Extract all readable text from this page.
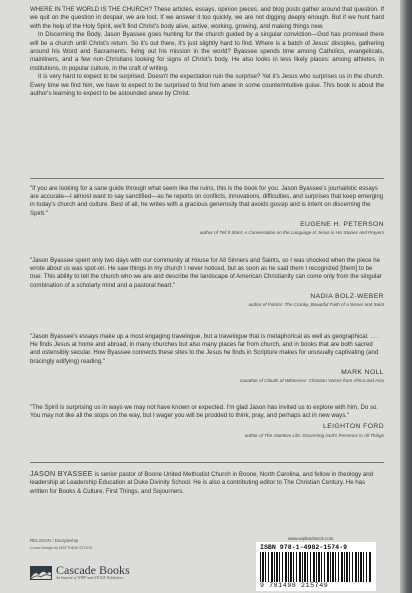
WHERE IN THE WORLD IS THE CHURCH? These articles, essays, opinion pieces, and blog posts gather around that question. If we quit on the question in despair, we are lost. If we answer it too quickly, we are not digging deeply enough. But if we hunt hard with the help of the Holy Spirit, we'll find Christ's body alive, active, working, growing, and making things new.

In Discerning the Body, Jason Byassee goes hunting for the church guided by a singular conviction—God has promised there will be a church until Christ's return. So it's out there, it's just slightly hard to find. Where is a batch of Jesus' disciples, gathering around his Word and Sacraments, living out his mission in the world? Byassee spends time among Catholics, evangelicals, mainliners, and a few non-Christians looking for signs of Christ's body. He also looks in less likely places: among athletes, in institutions, in popular culture, in the craft of writing.

It is very hard to expect to be surprised. Doesn't the expectation ruin the surprise? Yet it's Jesus who surprises us in the church. Every time we find him, we have to expect to be surprised to find him anew in some counterintuitive guise. This book is about the author's learning to expect to be astounded anew by Christ.

"If you are looking for a sane guide through what seem like the ruins, this is the book for you. Jason Byassee's journalistic essays are accurate—I almost want to say sanctified—as he reports on conflicts, innovations, difficulties, and surprises that keep emerging in today's church and culture. Best of all, he writes with a gracious generosity that avoids gossip and is intent on discerning the Spirit."

EUGENE H. PETERSON

author of Tell It Slant: A Conversation on the Language of Jesus in His Stories and Prayers

"Jason Byassee spent only two days with our community at House for All Sinners and Saints, so I was shocked when the piece he wrote about us was spot-on. He saw things in my church I never noticed, but as soon as he said them I recognized [them] to be true. This ability to tell the church who we are and describe the landscape of American Christianity can come only from the singular combination of a scholarly mind and a pastoral heart."

NADIA BOLZ-WEBER

author of Pastrix: The Cranky, Beautiful Faith of a Sinner and Saint

"Jason Byassee's essays make up a most engaging travelogue, but a travelogue that is metaphorical as well as geographical. . . . He finds Jesus at home and abroad, in many churches but also many places far from church, and in books that are both sacred and ostensibly secular. How Byassee connects these sites to the Jesus he finds in Scripture makes for unusually captivating (and bracingly edifying) reading."

MARK NOLL

coauthor of Clouds of Witnesses: Christian Voices from Africa and Asia

"The Spirit is surprising us in ways we may not have known or expected. I'm glad Jason has invited us to explore with him. Do so. You may not like all the stops on the way, but I wager you will be prodded to think, pray, and perhaps act in new ways."

LEIGHTON FORD

author of The Attentive Life: Discerning God's Presence in All Things

JASON BYASSEE is senior pastor of Boone United Methodist Church in Boone, North Carolina, and fellow in theology and leadership at Leadership Education at Duke Divinity School. He is also a contributing editor to The Christian Century. He has written for Books & Culture, First Things, and Sojourners.
RELIGION / Discipleship
Cover Design by MATTHEW STOCK
Cascade Books
An Imprint of WIPF and STOCK Publishers
www.wipfandstock.com
ISBN 978-1-4982-1574-9
9 781498 215749
